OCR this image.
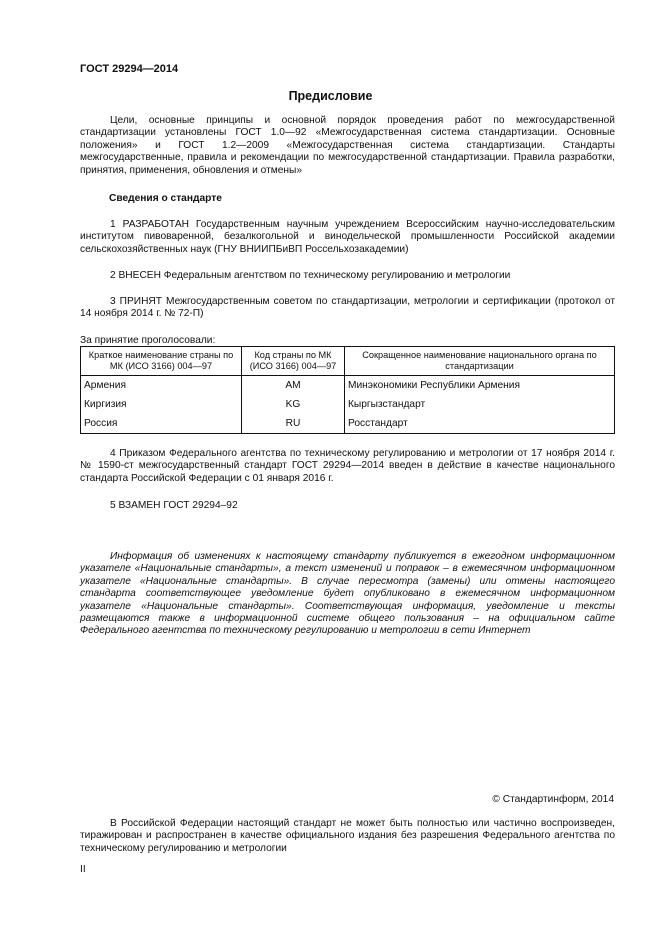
ГОСТ 29294—2014
Предисловие

Цели, основные принципы и основной порядок проведения работ по межгосударственной стандартизации установлены ГОСТ 1.0—92 «Межгосударственная система стандартизации. Основные положения» и ГОСТ 1.2—2009 «Межгосударственная система стандартизации. Стандарты межгосударственные, правила и рекомендации по межгосударственной стандартизации. Правила разработки, принятия, применения, обновления и отмены»

Сведения о стандарте

1 РАЗРАБОТАН Государственным научным учреждением Всероссийским научно-исследовательским институтом пивоваренной, безалкогольной и винодельческой промышленности Российской академии сельскохозяйственных наук (ГНУ ВНИИПБиВП Россельхозакадемии)

2 ВНЕСЕН Федеральным агентством по техническому регулированию и метрологии

3 ПРИНЯТ Межгосударственным советом по стандартизации, метрологии и сертификации (протокол от 14 ноября 2014 г. № 72-П)

За принятие проголосовали:
Краткое наименование страны по МК (ИСО 3166) 004—97	Код страны по МК (ИСО 3166) 004—97	Сокращенное наименование национального органа по стандартизации
Армения	AM	Минэкономики Республики Армения
Киргизия	KG	Кыргызстандарт
Россия	RU	Росстандарт

4 Приказом Федерального агентства по техническому регулированию и метрологии от 17 ноября 2014 г. № 1590-ст межгосударственный стандарт ГОСТ 29294—2014 введен в действие в качестве национального стандарта Российской Федерации с 01 января 2016 г.

5 ВЗАМЕН ГОСТ 29294–92

Информация об изменениях к настоящему стандарту публикуется в ежегодном информационном указателе «Национальные стандарты», а текст изменений и поправок – в ежемесячном информационном указателе «Национальные стандарты». В случае пересмотра (замены) или отмены настоящего стандарта соответствующее уведомление будет опубликовано в ежемесячном информационном указателе «Национальные стандарты». Соответствующая информация, уведомление и тексты размещаются также в информационной системе общего пользования – на официальном сайте Федерального агентства по техническому регулированию и метрологии в сети Интернет

© Стандартинформ, 2014

В Российской Федерации настоящий стандарт не может быть полностью или частично воспроизведен, тиражирован и распространен в качестве официального издания без разрешения Федерального агентства по техническому регулированию и метрологии

II
